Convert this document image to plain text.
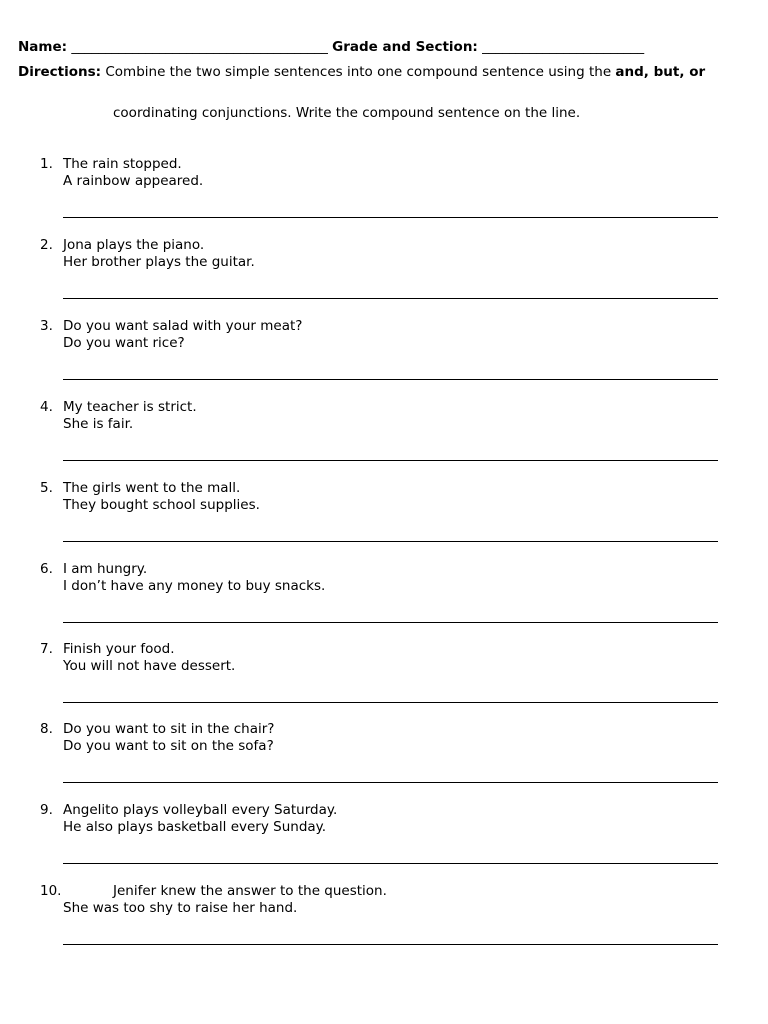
Name: ______________________________________ Grade and Section: ________________________
Directions: Combine the two simple sentences into one compound sentence using the and, but, or
coordinating conjunctions. Write the compound sentence on the line.
1. The rain stopped.
A rainbow appeared.
2. Jona plays the piano.
Her brother plays the guitar.
3. Do you want salad with your meat?
Do you want rice?
4. My teacher is strict.
She is fair.
5. The girls went to the mall.
They bought school supplies.
6. I am hungry.
I don’t have any money to buy snacks.
7. Finish your food.
You will not have dessert.
8. Do you want to sit in the chair?
Do you want to sit on the sofa?
9. Angelito plays volleyball every Saturday.
He also plays basketball every Sunday.
10.	Jenifer knew the answer to the question.
She was too shy to raise her hand.
